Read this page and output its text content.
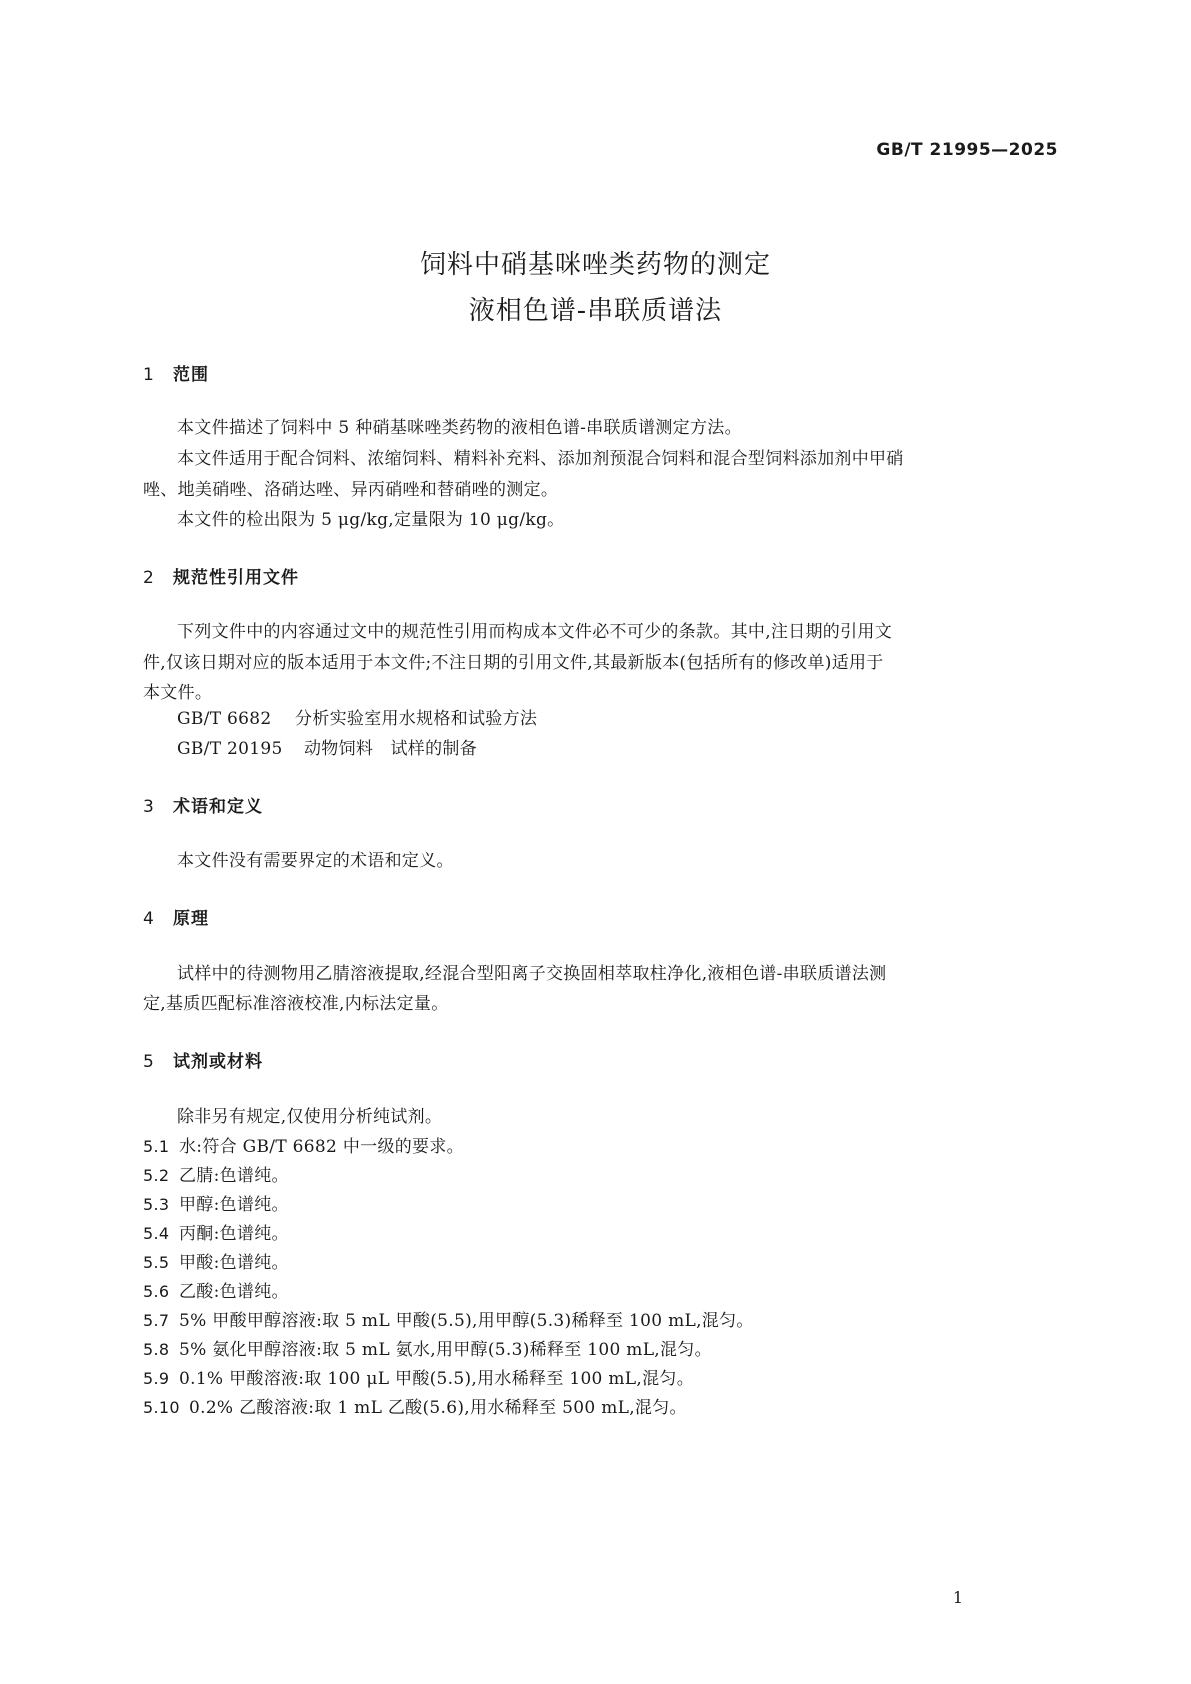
GB/T 21995—2025
饲料中硝基咪唑类药物的测定
液相色谱-串联质谱法
1 范围
本文件描述了饲料中 5 种硝基咪唑类药物的液相色谱-串联质谱测定方法。
本文件适用于配合饲料、浓缩饲料、精料补充料、添加剂预混合饲料和混合型饲料添加剂中甲硝
唑、地美硝唑、洛硝达唑、异丙硝唑和替硝唑的测定。
本文件的检出限为 5 μg/kg,定量限为 10 μg/kg。
2 规范性引用文件
下列文件中的内容通过文中的规范性引用而构成本文件必不可少的条款。其中,注日期的引用文
件,仅该日期对应的版本适用于本文件;不注日期的引用文件,其最新版本(包括所有的修改单)适用于
本文件。
GB/T 6682 分析实验室用水规格和试验方法
GB/T 20195 动物饲料　试样的制备
3 术语和定义
本文件没有需要界定的术语和定义。
4 原理
试样中的待测物用乙腈溶液提取,经混合型阳离子交换固相萃取柱净化,液相色谱-串联质谱法测
定,基质匹配标准溶液校准,内标法定量。
5 试剂或材料
除非另有规定,仅使用分析纯试剂。
5.1 水:符合 GB/T 6682 中一级的要求。
5.2 乙腈:色谱纯。
5.3 甲醇:色谱纯。
5.4 丙酮:色谱纯。
5.5 甲酸:色谱纯。
5.6 乙酸:色谱纯。
5.7 5% 甲酸甲醇溶液:取 5 mL 甲酸(5.5),用甲醇(5.3)稀释至 100 mL,混匀。
5.8 5% 氨化甲醇溶液:取 5 mL 氨水,用甲醇(5.3)稀释至 100 mL,混匀。
5.9 0.1% 甲酸溶液:取 100 μL 甲酸(5.5),用水稀释至 100 mL,混匀。
5.10 0.2% 乙酸溶液:取 1 mL 乙酸(5.6),用水稀释至 500 mL,混匀。
1
